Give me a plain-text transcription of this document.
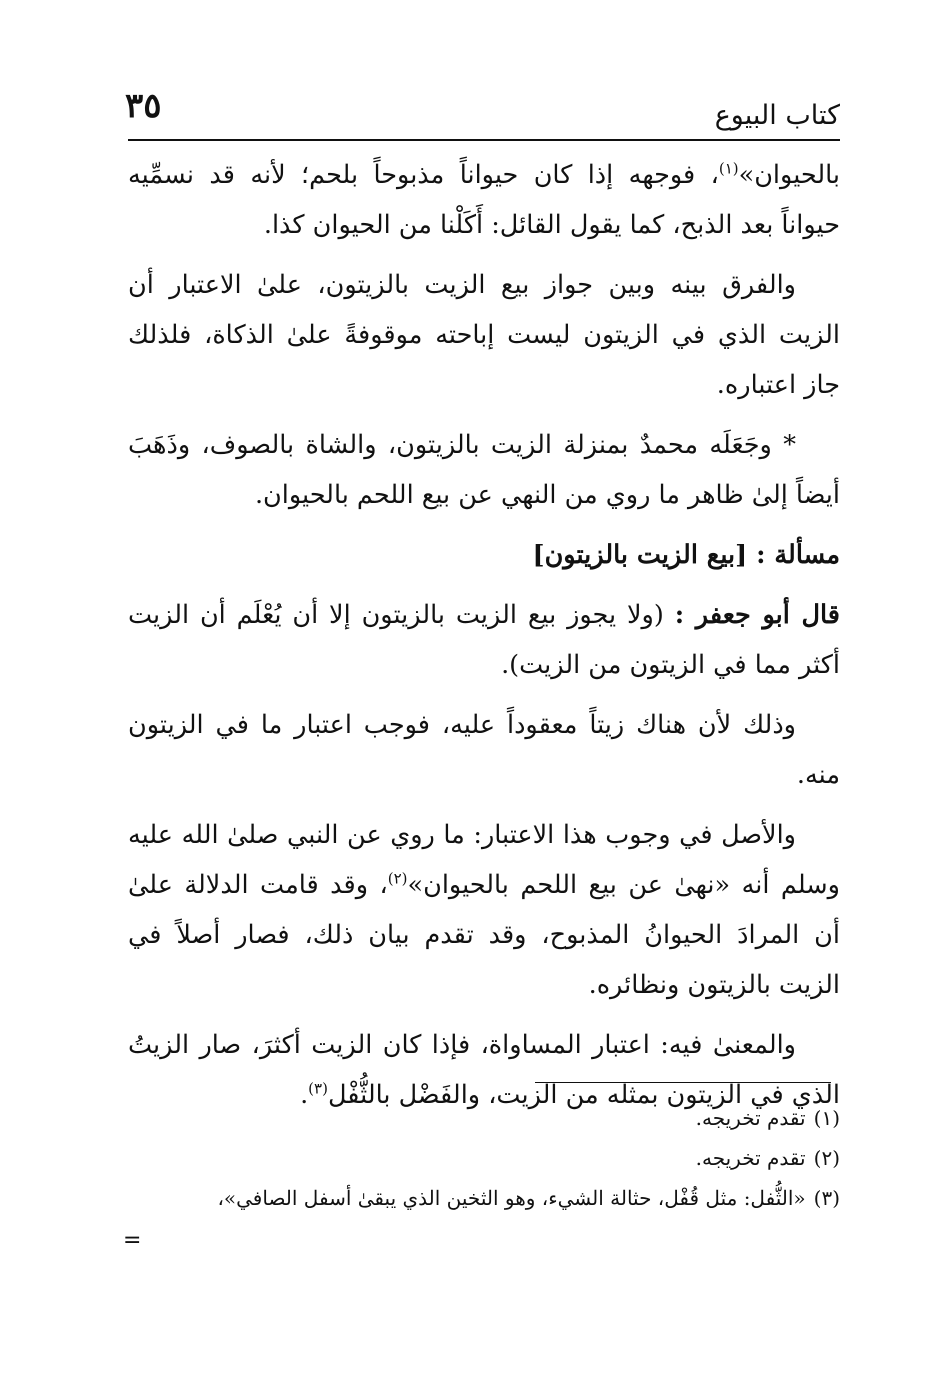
كتاب البيوع
٣٥

بالحيوان»$^{(١)}$، فوجهه إذا كان حيواناً مذبوحاً بلحم؛ لأنه قد نسمِّيه حيواناً بعد الذبح، كما يقول القائل: أَكَلْنا من الحيوان كذا.

والفرق بينه وبين جواز بيع الزيت بالزيتون، علىٰ الاعتبار أن الزيت الذي في الزيتون ليست إباحته موقوفةً علىٰ الذكاة، فلذلك جاز اعتباره.

* وجَعَلَه محمدٌ بمنزلة الزيت بالزيتون، والشاة بالصوف، وذَهَبَ أيضاً إلىٰ ظاهر ما روي من النهي عن بيع اللحم بالحيوان.

مسألة : [بيع الزيت بالزيتون]

قال أبو جعفر : (ولا يجوز بيع الزيت بالزيتون إلا أن يُعْلَم أن الزيت أكثر مما في الزيتون من الزيت).

وذلك لأن هناك زيتاً معقوداً عليه، فوجب اعتبار ما في الزيتون منه.

والأصل في وجوب هذا الاعتبار: ما روي عن النبي صلىٰ الله عليه وسلم أنه «نهىٰ عن بيع اللحم بالحيوان»$^{(٢)}$، وقد قامت الدلالة علىٰ أن المرادَ الحيوانُ المذبوح، وقد تقدم بيان ذلك، فصار أصلاً في الزيت بالزيتون ونظائره.

والمعنىٰ فيه: اعتبار المساواة، فإذا كان الزيت أكثرَ، صار الزيتُ الذي في الزيتون بمثله من الزيت، والفَضْل بالثُّفْل$^{(٣)}$.

(١)تقدم تخريجه.
(٢)تقدم تخريجه.
(٣)«الثُّفل: مثل قُفْل، حثالة الشيء، وهو الثخين الذي يبقىٰ أسفل الصافي»،
=
